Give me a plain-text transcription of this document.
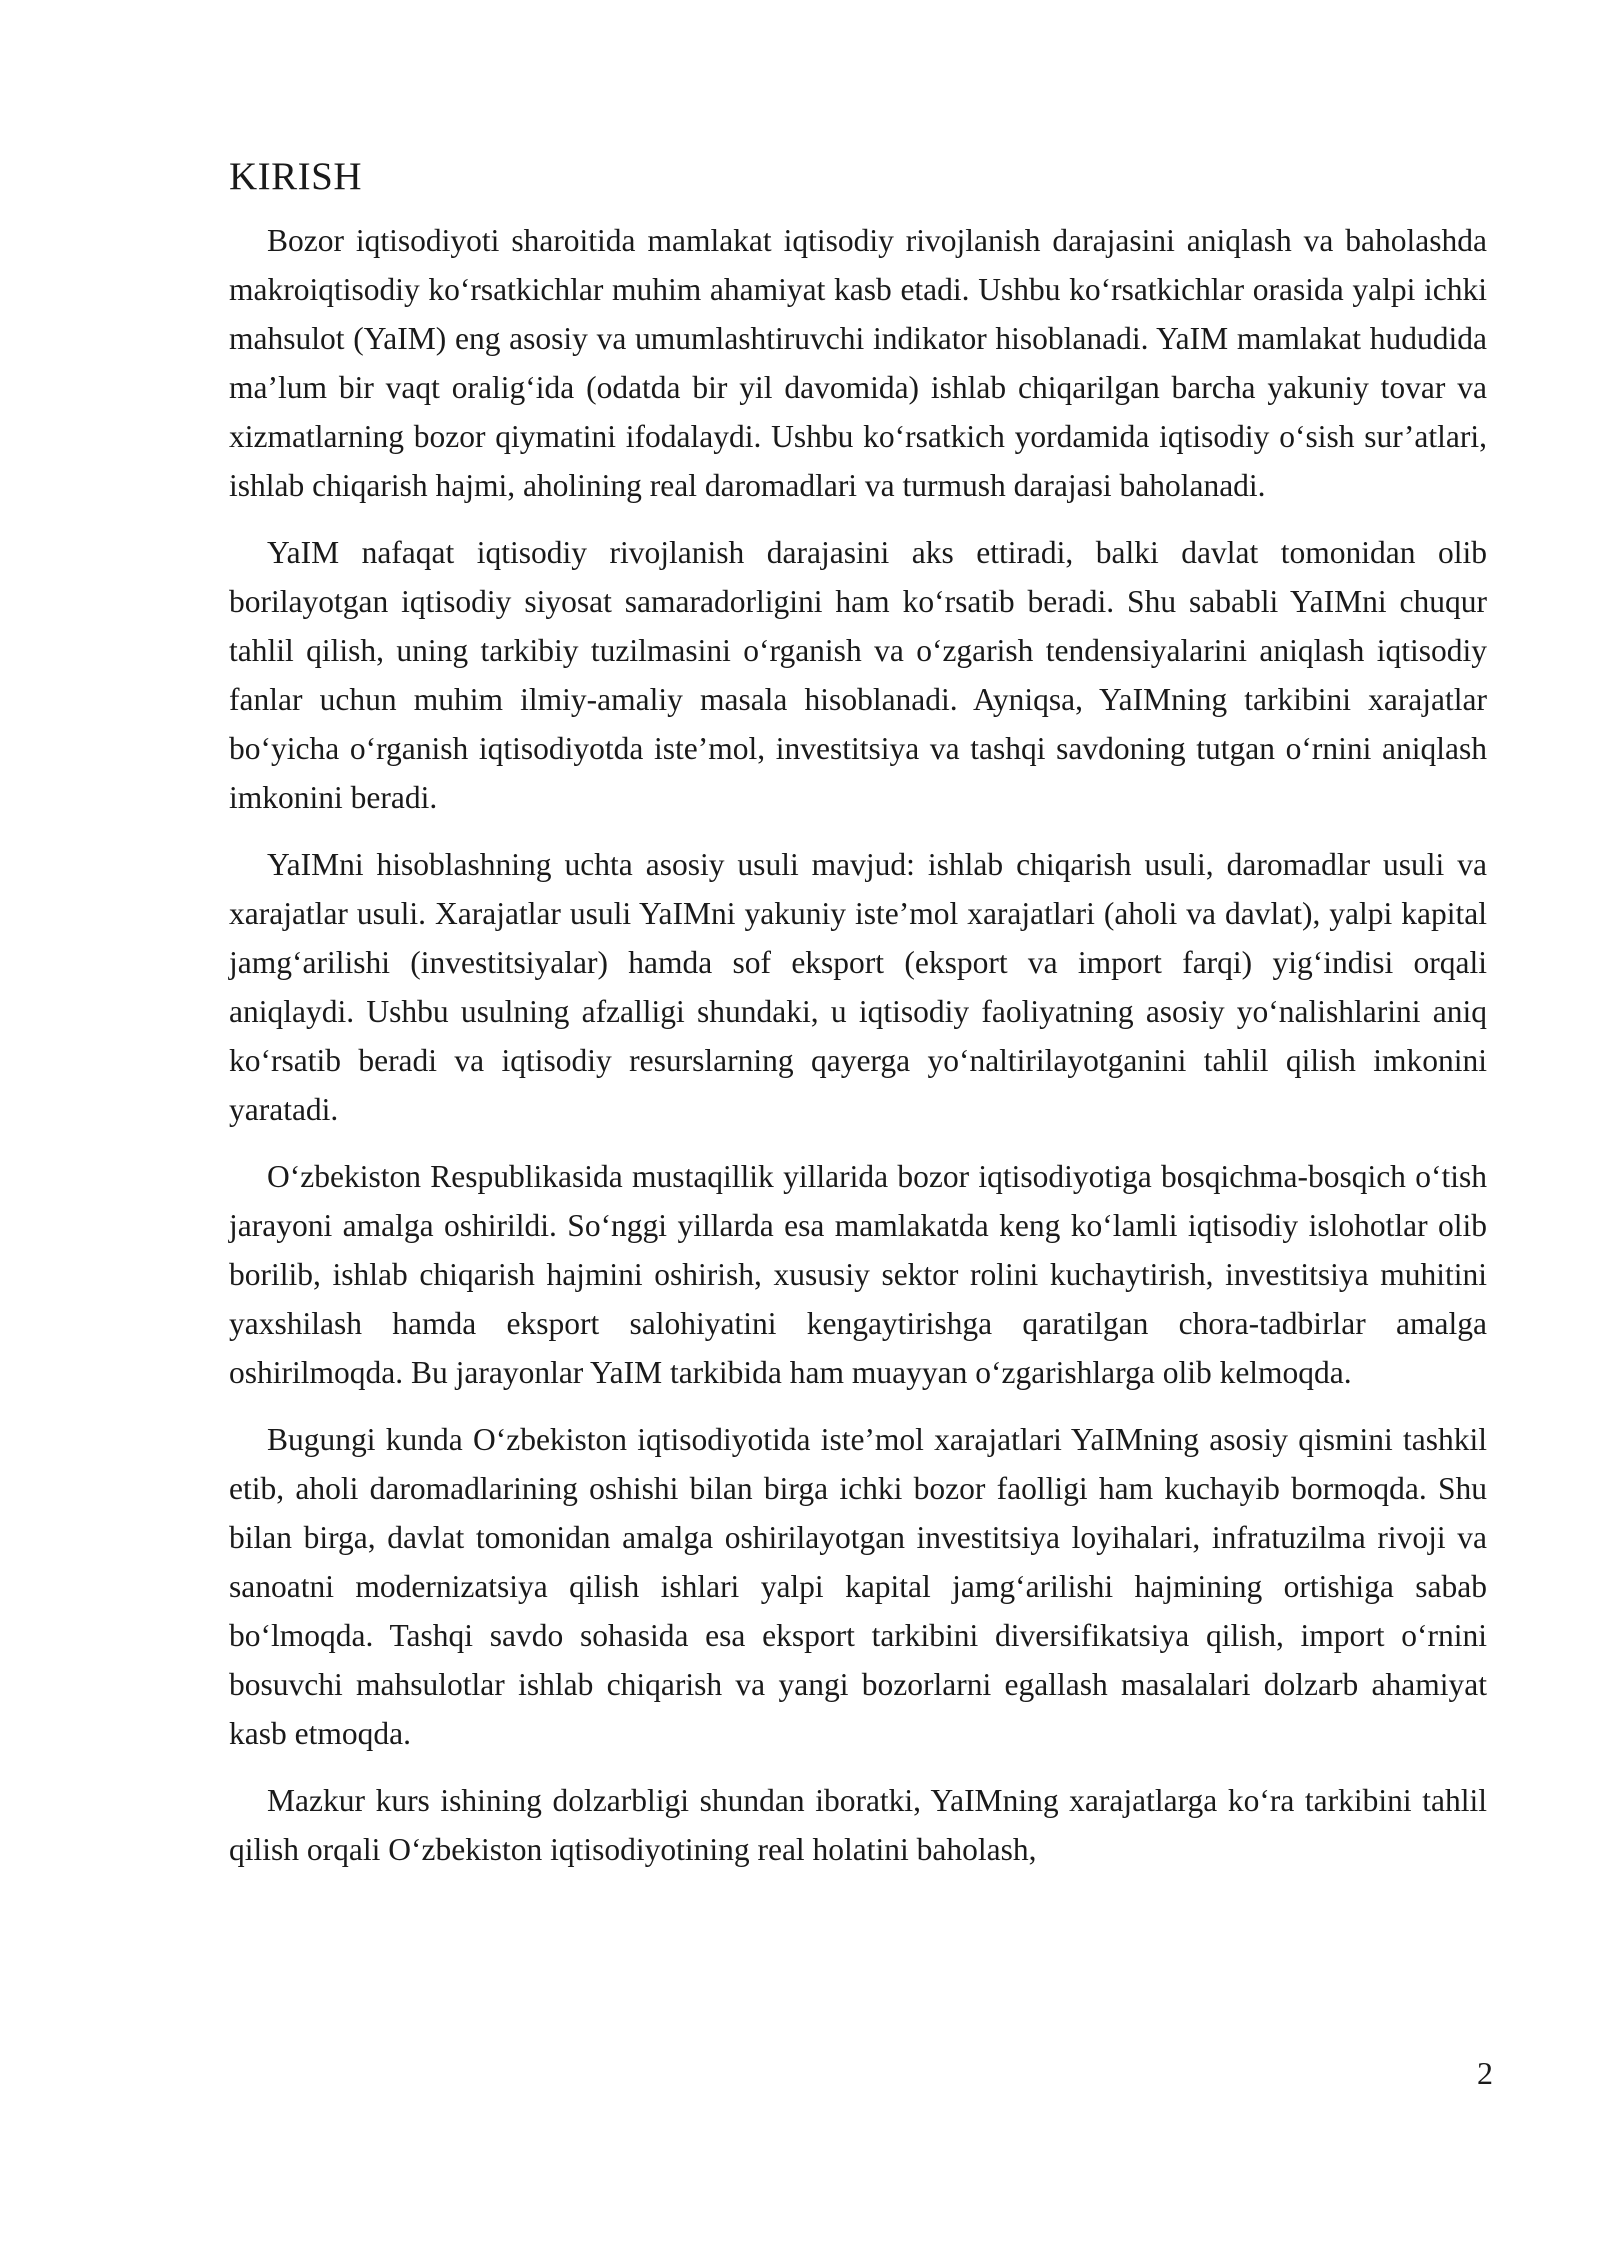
KIRISH

Bozor iqtisodiyoti sharoitida mamlakat iqtisodiy rivojlanish darajasini aniqlash va baholashda makroiqtisodiy ko‘rsatkichlar muhim ahamiyat kasb etadi. Ushbu ko‘rsatkichlar orasida yalpi ichki mahsulot (YaIM) eng asosiy va umumlashtiruvchi indikator hisoblanadi. YaIM mamlakat hududida ma’lum bir vaqt oralig‘ida (odatda bir yil davomida) ishlab chiqarilgan barcha yakuniy tovar va xizmatlarning bozor qiymatini ifodalaydi. Ushbu ko‘rsatkich yordamida iqtisodiy o‘sish sur’atlari, ishlab chiqarish hajmi, aholining real daromadlari va turmush darajasi baholanadi.

YaIM nafaqat iqtisodiy rivojlanish darajasini aks ettiradi, balki davlat tomonidan olib borilayotgan iqtisodiy siyosat samaradorligini ham ko‘rsatib beradi. Shu sababli YaIMni chuqur tahlil qilish, uning tarkibiy tuzilmasini o‘rganish va o‘zgarish tendensiyalarini aniqlash iqtisodiy fanlar uchun muhim ilmiy-amaliy masala hisoblanadi. Ayniqsa, YaIMning tarkibini xarajatlar bo‘yicha o‘rganish iqtisodiyotda iste’mol, investitsiya va tashqi savdoning tutgan o‘rnini aniqlash imkonini beradi.

YaIMni hisoblashning uchta asosiy usuli mavjud: ishlab chiqarish usuli, daromadlar usuli va xarajatlar usuli. Xarajatlar usuli YaIMni yakuniy iste’mol xarajatlari (aholi va davlat), yalpi kapital jamg‘arilishi (investitsiyalar) hamda sof eksport (eksport va import farqi) yig‘indisi orqali aniqlaydi. Ushbu usulning afzalligi shundaki, u iqtisodiy faoliyatning asosiy yo‘nalishlarini aniq ko‘rsatib beradi va iqtisodiy resurslarning qayerga yo‘naltirilayotganini tahlil qilish imkonini yaratadi.

O‘zbekiston Respublikasida mustaqillik yillarida bozor iqtisodiyotiga bosqichma-bosqich o‘tish jarayoni amalga oshirildi. So‘nggi yillarda esa mamlakatda keng ko‘lamli iqtisodiy islohotlar olib borilib, ishlab chiqarish hajmini oshirish, xususiy sektor rolini kuchaytirish, investitsiya muhitini yaxshilash hamda eksport salohiyatini kengaytirishga qaratilgan chora-tadbirlar amalga oshirilmoqda. Bu jarayonlar YaIM tarkibida ham muayyan o‘zgarishlarga olib kelmoqda.

Bugungi kunda O‘zbekiston iqtisodiyotida iste’mol xarajatlari YaIMning asosiy qismini tashkil etib, aholi daromadlarining oshishi bilan birga ichki bozor faolligi ham kuchayib bormoqda. Shu bilan birga, davlat tomonidan amalga oshirilayotgan investitsiya loyihalari, infratuzilma rivoji va sanoatni modernizatsiya qilish ishlari yalpi kapital jamg‘arilishi hajmining ortishiga sabab bo‘lmoqda. Tashqi savdo sohasida esa eksport tarkibini diversifikatsiya qilish, import o‘rnini bosuvchi mahsulotlar ishlab chiqarish va yangi bozorlarni egallash masalalari dolzarb ahamiyat kasb etmoqda.

Mazkur kurs ishining dolzarbligi shundan iboratki, YaIMning xarajatlarga ko‘ra tarkibini tahlil qilish orqali O‘zbekiston iqtisodiyotining real holatini baholash,

2
